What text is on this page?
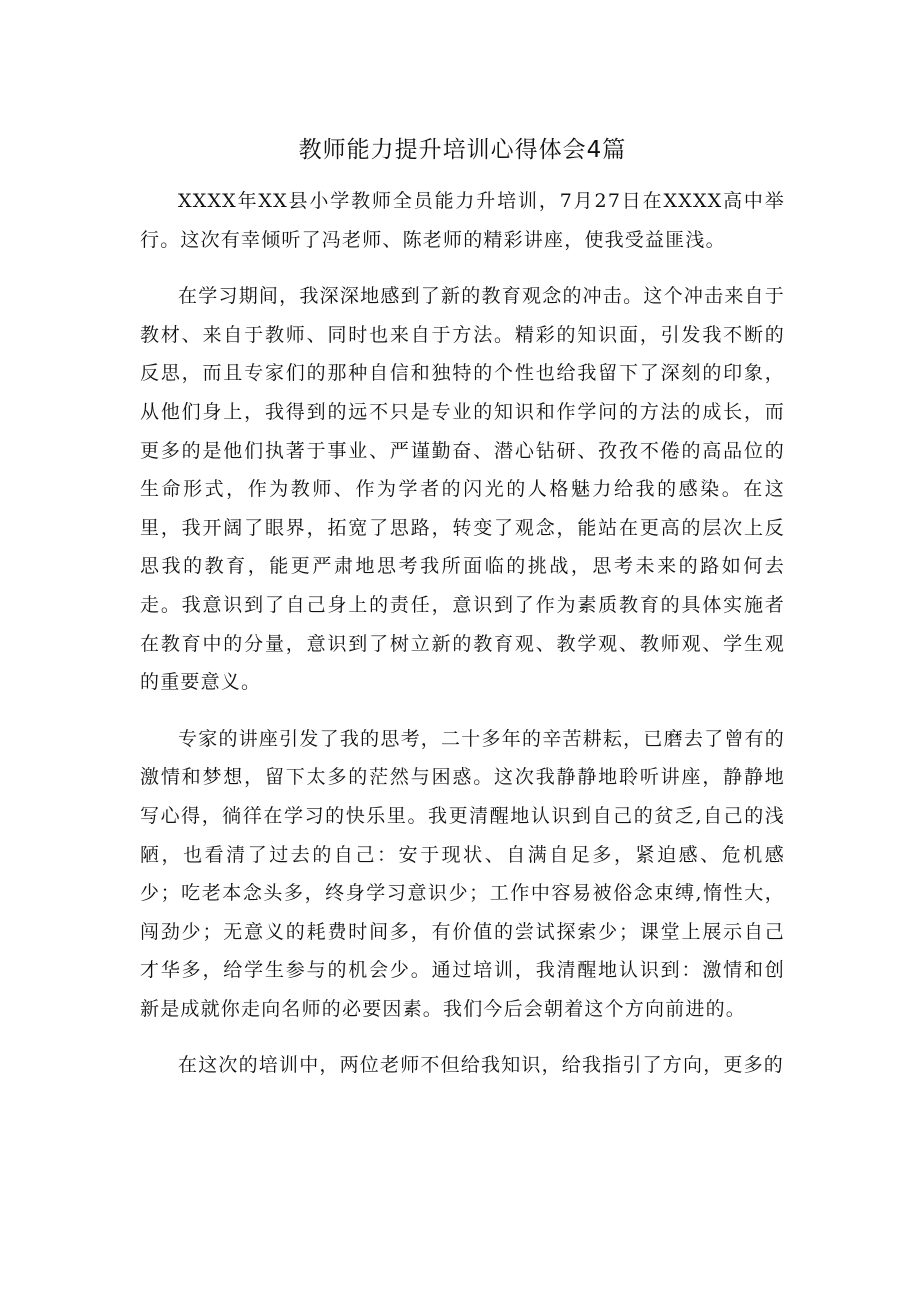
教师能力提升培训心得体会4篇

XXXX年XX县小学教师全员能力升培训，7月27日在XXXX高中举行。这次有幸倾听了冯老师、陈老师的精彩讲座，使我受益匪浅。

在学习期间，我深深地感到了新的教育观念的冲击。这个冲击来自于教材、来自于教师、同时也来自于方法。精彩的知识面，引发我不断的反思，而且专家们的那种自信和独特的个性也给我留下了深刻的印象，从他们身上，我得到的远不只是专业的知识和作学问的方法的成长，而更多的是他们执著于事业、严谨勤奋、潜心钻研、孜孜不倦的高品位的生命形式，作为教师、作为学者的闪光的人格魅力给我的感染。在这里，我开阔了眼界，拓宽了思路，转变了观念，能站在更高的层次上反思我的教育，能更严肃地思考我所面临的挑战，思考未来的路如何去走。我意识到了自己身上的责任，意识到了作为素质教育的具体实施者在教育中的分量，意识到了树立新的教育观、教学观、教师观、学生观的重要意义。

专家的讲座引发了我的思考，二十多年的辛苦耕耘，已磨去了曾有的激情和梦想，留下太多的茫然与困惑。这次我静静地聆听讲座，静静地写心得，徜徉在学习的快乐里。我更清醒地认识到自己的贫乏,自己的浅陋，也看清了过去的自己：安于现状、自满自足多，紧迫感、危机感少；吃老本念头多，终身学习意识少；工作中容易被俗念束缚,惰性大，闯劲少；无意义的耗费时间多，有价值的尝试探索少；课堂上展示自己才华多，给学生参与的机会少。通过培训，我清醒地认识到：激情和创新是成就你走向名师的必要因素。我们今后会朝着这个方向前进的。

在这次的培训中，两位老师不但给我知识，给我指引了方向，更多的
